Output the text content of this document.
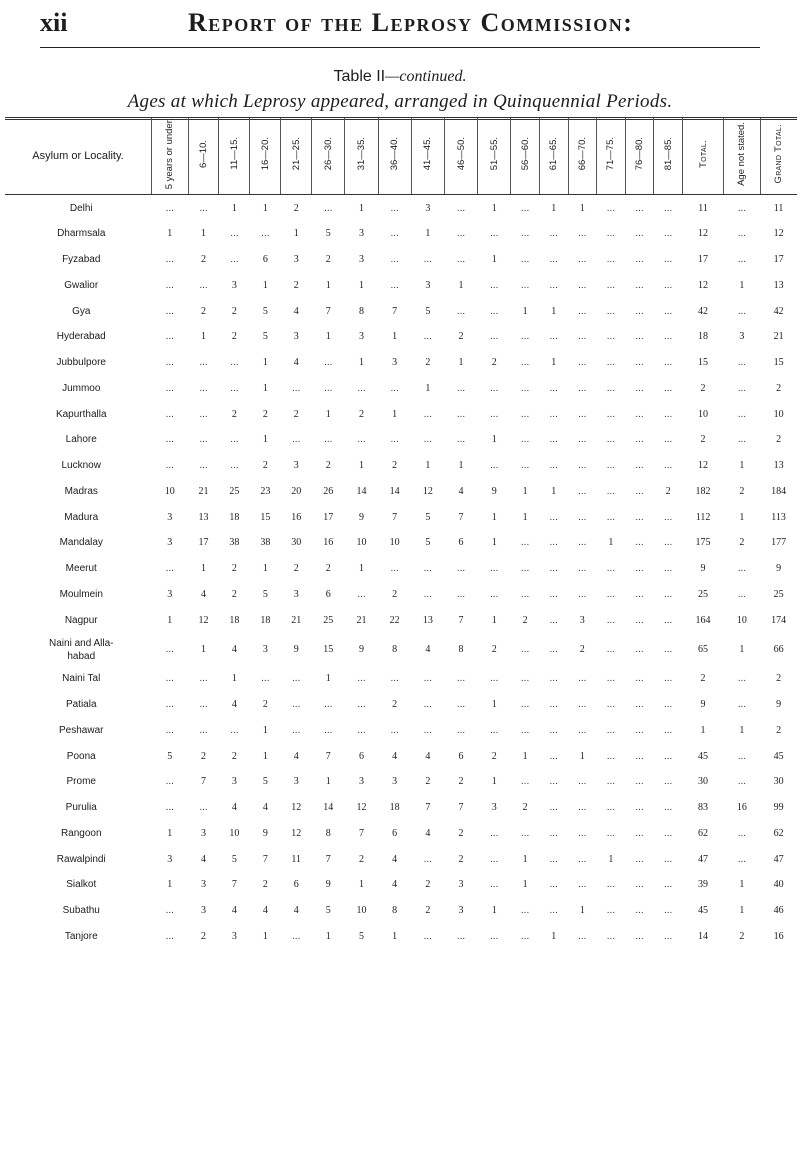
xii	Report of the Leprosy Commission:
Table II—continued.
Ages at which Leprosy appeared, arranged in Quinquennial Periods.
Asylum or Locality.	5 years or under.	6—10.	11—15.	16—20.	21—25.	26—30.	31—35.	36—40.	41—45.	46—50.	51—55.	56—60.	61—65.	66—70.	71—75.	76—80.	81—85.	Total.	Age not stated.	Grand Total.
Delhi	...	...	1	1	2	...	1	...	3	...	1	...	1	1	...	...	...	11	...	11
Dharmsala	1	1	...	...	1	5	3	...	1	...	...	...	...	...	...	...	...	12	...	12
Fyzabad	...	2	...	6	3	2	3	...	...	...	1	...	...	...	...	...	...	17	...	17
Gwalior	...	...	3	1	2	1	1	...	3	1	...	...	...	...	...	...	...	12	1	13
Gya	...	2	2	5	4	7	8	7	5	...	...	1	1	...	...	...	...	42	...	42
Hyderabad	...	1	2	5	3	1	3	1	...	2	...	...	...	...	...	...	...	18	3	21
Jubbulpore	...	...	...	1	4	...	1	3	2	1	2	...	1	...	...	...	...	15	...	15
Jummoo	...	...	...	1	...	...	...	...	1	...	...	...	...	...	...	...	...	2	...	2
Kapurthalla	...	...	2	2	2	1	2	1	...	...	...	...	...	...	...	...	...	10	...	10
Lahore	...	...	...	1	...	...	...	...	...	...	1	...	...	...	...	...	...	2	...	2
Lucknow	...	...	...	2	3	2	1	2	1	1	...	...	...	...	...	...	...	12	1	13
Madras	10	21	25	23	20	26	14	14	12	4	9	1	1	...	...	...	2	182	2	184
Madura	3	13	18	15	16	17	9	7	5	7	1	1	...	...	...	...	...	112	1	113
Mandalay	3	17	38	38	30	16	10	10	5	6	1	...	...	...	1	...	...	175	2	177
Meerut	...	1	2	1	2	2	1	...	...	...	...	...	...	...	...	...	...	9	...	9
Moulmein	3	4	2	5	3	6	...	2	...	...	...	...	...	...	...	...	...	25	...	25
Nagpur	1	12	18	18	21	25	21	22	13	7	1	2	...	3	...	...	...	164	10	174
Naini and Alla-
habad	...	1	4	3	9	15	9	8	4	8	2	...	...	2	...	...	...	65	1	66
Naini Tal	...	...	1	...	...	1	...	...	...	...	...	...	...	...	...	...	...	2	...	2
Patiala	...	...	4	2	...	...	...	2	...	...	1	...	...	...	...	...	...	9	...	9
Peshawar	...	...	...	1	...	...	...	...	...	...	...	...	...	...	...	...	...	1	1	2
Poona	5	2	2	1	4	7	6	4	4	6	2	1	...	1	...	...	...	45	...	45
Prome	...	7	3	5	3	1	3	3	2	2	1	...	...	...	...	...	...	30	...	30
Purulia	...	...	4	4	12	14	12	18	7	7	3	2	...	...	...	...	...	83	16	99
Rangoon	1	3	10	9	12	8	7	6	4	2	...	...	...	...	...	...	...	62	...	62
Rawalpindi	3	4	5	7	11	7	2	4	...	2	...	1	...	...	1	...	...	47	...	47
Sialkot	1	3	7	2	6	9	1	4	2	3	...	1	...	...	...	...	...	39	1	40
Subathu	...	3	4	4	4	5	10	8	2	3	1	...	...	1	...	...	...	45	1	46
Tanjore	...	2	3	1	...	1	5	1	...	...	...	...	1	...	...	...	...	14	2	16
